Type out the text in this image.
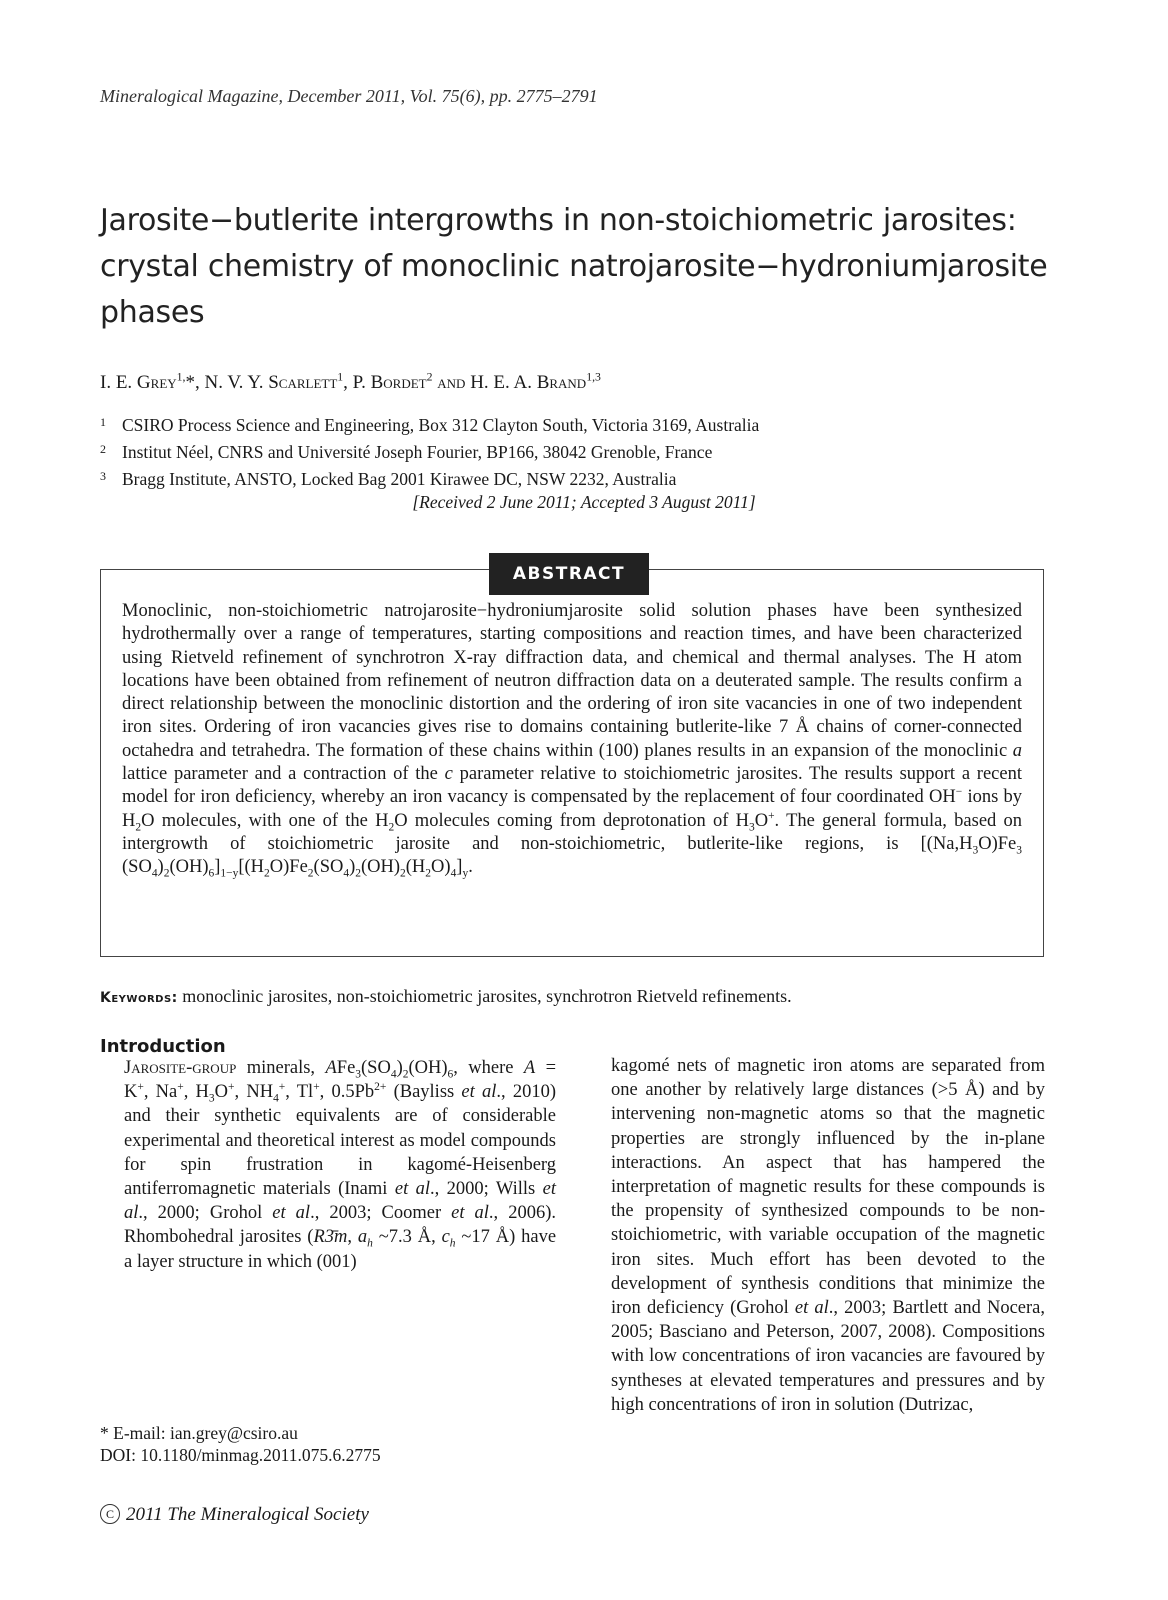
Mineralogical Magazine, December 2011, Vol. 75(6), pp. 2775–2791
Jarosite−butlerite intergrowths in non-stoichiometric jarosites:
crystal chemistry of monoclinic natrojarosite−hydroniumjarosite
phases
I. E. Grey$^{1,}$*, N. V. Y. Scarlett$^1$, P. Bordet$^2$ and H. E. A. Brand$^{1,3}$
1 CSIRO Process Science and Engineering, Box 312 Clayton South, Victoria 3169, Australia
2 Institut Néel, CNRS and Université Joseph Fourier, BP166, 38042 Grenoble, France
3 Bragg Institute, ANSTO, Locked Bag 2001 Kirawee DC, NSW 2232, Australia
[Received 2 June 2011; Accepted 3 August 2011]
ABSTRACT
Monoclinic, non-stoichiometric natrojarosite−hydroniumjarosite solid solution phases have been synthesized hydrothermally over a range of temperatures, starting compositions and reaction times, and have been characterized using Rietveld refinement of synchrotron X-ray diffraction data, and chemical and thermal analyses. The H atom locations have been obtained from refinement of neutron diffraction data on a deuterated sample. The results confirm a direct relationship between the monoclinic distortion and the ordering of iron site vacancies in one of two independent iron sites. Ordering of iron vacancies gives rise to domains containing butlerite-like 7 Å chains of corner-connected octahedra and tetrahedra. The formation of these chains within (100) planes results in an expansion of the monoclinic a lattice parameter and a contraction of the c parameter relative to stoichiometric jarosites. The results support a recent model for iron deficiency, whereby an iron vacancy is compensated by the replacement of four coordinated OH− ions by $H_2O$ molecules, with one of the $H_2O$ molecules coming from deprotonation of $H_3O^+$. The general formula, based on intergrowth of stoichiometric jarosite and non-stoichiometric, butlerite-like regions, is [$(Na,H_3O)Fe_3$ $(SO_4)_2(OH)_6]_{1-y}[(H_2O)Fe_2(SO_4)_2(OH)_2(H_2O)_4]_y$.
Keywords: monoclinic jarosites, non-stoichiometric jarosites, synchrotron Rietveld refinements.
Introduction
Jarosite-group minerals, $AFe_3(SO_4)_2(OH)_6$, where A = K+, Na+, $H_3O^+$, $NH_4^+$, Tl+, $0.5Pb^{2+}$ (Bayliss et al., 2010) and their synthetic equivalents are of considerable experimental and theoretical interest as model compounds for spin frustration in kagomé-Heisenberg antiferromagnetic materials (Inami et al., 2000; Wills et al., 2000; Grohol et al., 2003; Coomer et al., 2006). Rhombohedral jarosites (R3̄m, $a_h$ ~7.3 Å, $c_h$ ~17 Å) have a layer structure in which (001)
kagomé nets of magnetic iron atoms are separated from one another by relatively large distances (>5 Å) and by intervening non-magnetic atoms so that the magnetic properties are strongly influenced by the in-plane interactions. An aspect that has hampered the interpretation of magnetic results for these compounds is the propensity of synthesized compounds to be non-stoichiometric, with variable occupation of the magnetic iron sites. Much effort has been devoted to the development of synthesis conditions that minimize the iron deficiency (Grohol et al., 2003; Bartlett and Nocera, 2005; Basciano and Peterson, 2007, 2008). Compositions with low concentrations of iron vacancies are favoured by syntheses at elevated temperatures and pressures and by high concentrations of iron in solution (Dutrizac,
* E-mail: ian.grey@csiro.au
DOI: 10.1180/minmag.2011.075.6.2775
C 2011 The Mineralogical Society
